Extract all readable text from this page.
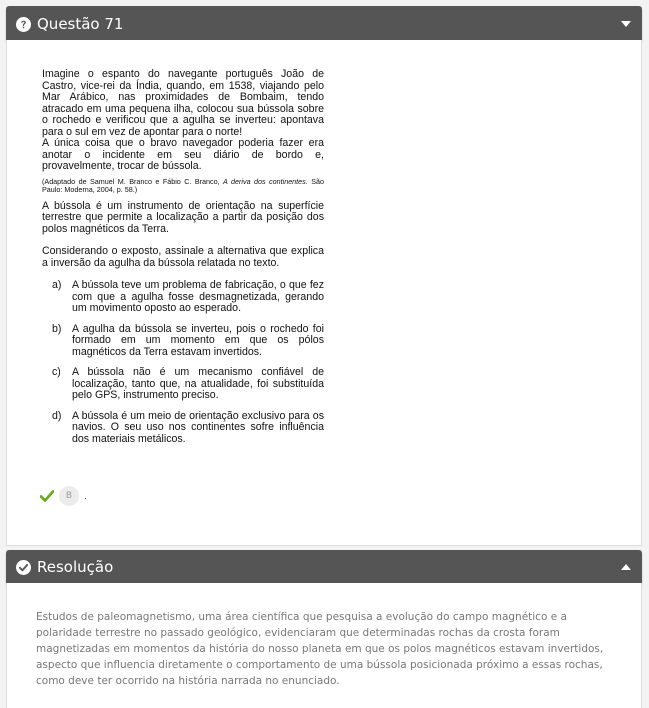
Questão 71

Imagine o espanto do navegante português João de Castro, vice-rei da Índia, quando, em 1538, viajando pelo Mar Arábico, nas proximidades de Bombaim, tendo atracado em uma pequena ilha, colocou sua bússola sobre o rochedo e verificou que a agulha se inverteu: apontava para o sul em vez de apontar para o norte!

A única coisa que o bravo navegador poderia fazer era anotar o incidente em seu diário de bordo e, provavelmente, trocar de bússola.

(Adaptado de Samuel M. Branco e Fábio C. Branco, A deriva dos continentes. São Paulo: Moderna, 2004, p. 58.)

A bússola é um instrumento de orientação na superfície terrestre que permite a localização a partir da posição dos polos magnéticos da Terra.

Considerando o exposto, assinale a alternativa que explica a inversão da agulha da bússola relatada no texto.

a) A bússola teve um problema de fabricação, o que fez com que a agulha fosse desmagnetizada, gerando um movimento oposto ao esperado.
b) A agulha da bússola se inverteu, pois o rochedo foi formado em um momento em que os pólos magnéticos da Terra estavam invertidos.
c)	A bússola não é um mecanismo confiável de localização, tanto que, na atualidade, foi substituída pelo GPS, instrumento preciso.
d) A bússola é um meio de orientação exclusivo para os navios. O seu uso nos continentes sofre influência dos materiais metálicos.
B	.
Resolução

Estudos de paleomagnetismo, uma área científica que pesquisa a evolução do campo magnético e a polaridade terrestre no passado geológico, evidenciaram que determinadas rochas da crosta foram magnetizadas em momentos da história do nosso planeta em que os polos magnéticos estavam invertidos, aspecto que influencia diretamente o comportamento de uma bússola posicionada próximo a essas rochas, como deve ter ocorrido na história narrada no enunciado.
